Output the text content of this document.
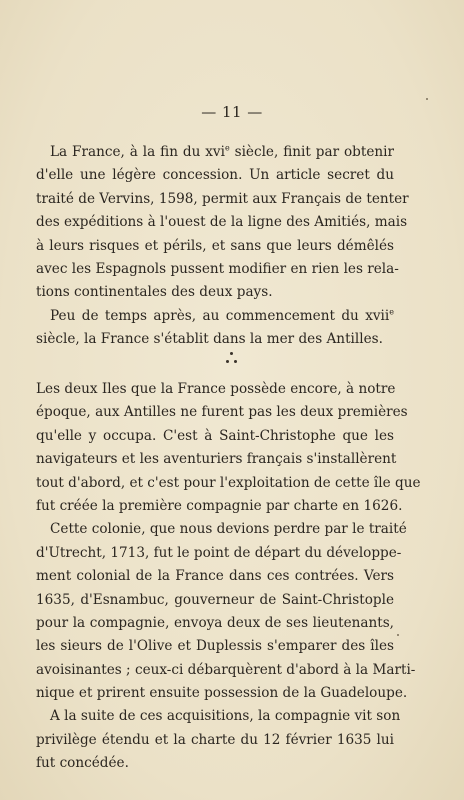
— 11 —
La France, à la fin du xvi$^e$ siècle, finit par obtenir
d'elle une légère concession. Un article secret du
traité de Vervins, 1598, permit aux Français de tenter
des expéditions à l'ouest de la ligne des Amitiés, mais
à leurs risques et périls, et sans que leurs démêlés
avec les Espagnols pussent modifier en rien les rela-
tions continentales des deux pays.
Peu de temps après, au commencement du xvii$^e$
siècle, la France s'établit dans la mer des Antilles.
Les deux Iles que la France possède encore, à notre
époque, aux Antilles ne furent pas les deux premières
qu'elle y occupa. C'est à Saint-Christophe que les
navigateurs et les aventuriers français s'installèrent
tout d'abord, et c'est pour l'exploitation de cette île que
fut créée la première compagnie par charte en 1626.
Cette colonie, que nous devions perdre par le traité
d'Utrecht, 1713, fut le point de départ du développe-
ment colonial de la France dans ces contrées. Vers
1635, d'Esnambuc, gouverneur de Saint-Christople
pour la compagnie, envoya deux de ses lieutenants,
les sieurs de l'Olive et Duplessis s'emparer des îles
avoisinantes ; ceux-ci débarquèrent d'abord à la Marti-
nique et prirent ensuite possession de la Guadeloupe.
A la suite de ces acquisitions, la compagnie vit son
privilège étendu et la charte du 12 février 1635 lui
fut concédée.
